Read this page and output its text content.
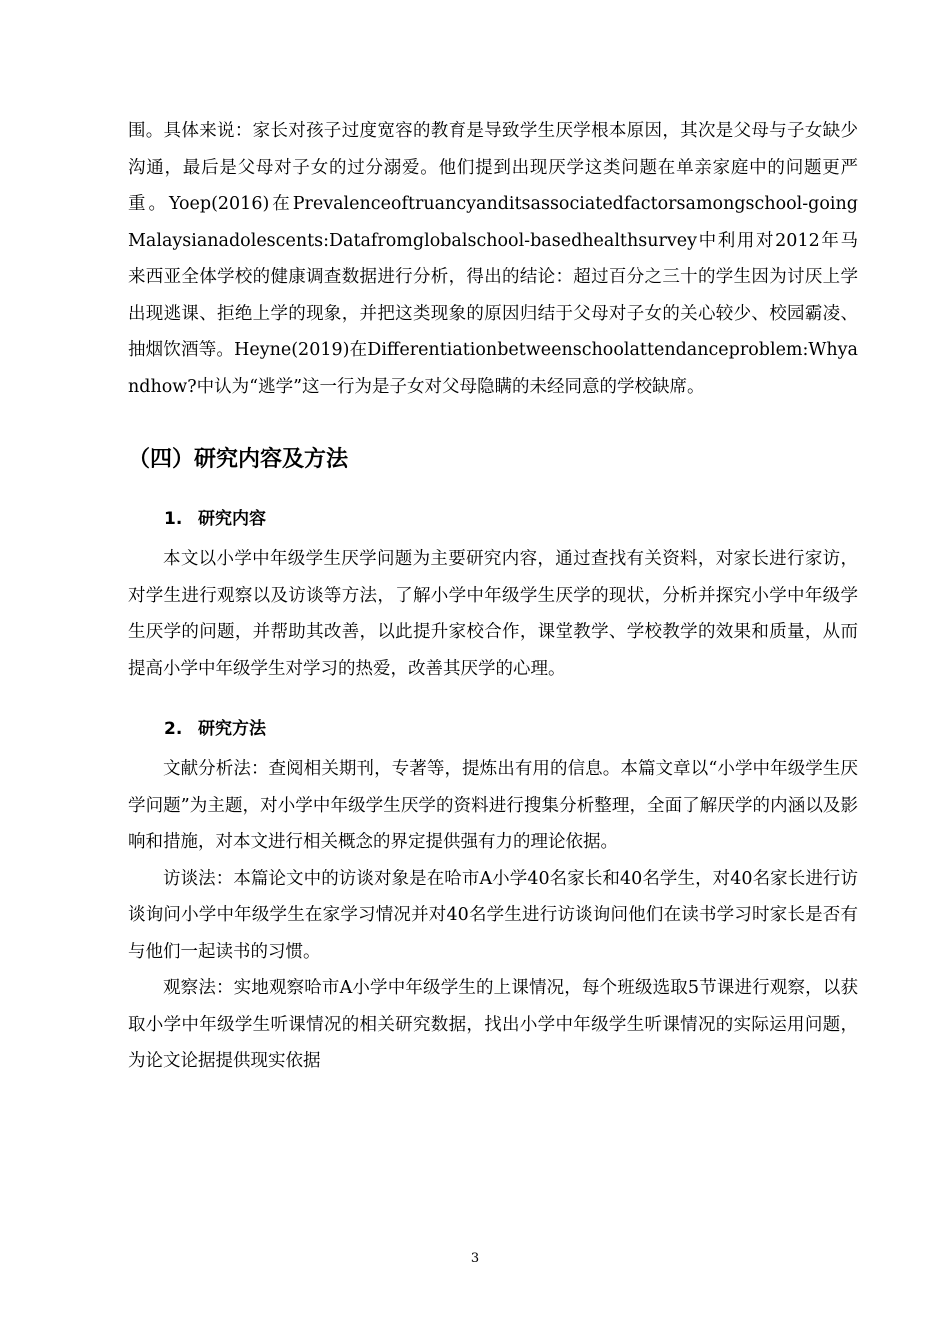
围。具体来说：家长对孩子过度宽容的教育是导致学生厌学根本原因，其次是父母与子女缺少沟通，最后是父母对子女的过分溺爱。他们提到出现厌学这类问题在单亲家庭中的问题更严重。Yoep(2016)在Prevalenceoftruancyanditsassociatedfactorsamongschool-goingMalaysianadolescents:Datafromglobalschool-basedhealthsurvey中利用对2012年马来西亚全体学校的健康调查数据进行分析，得出的结论：超过百分之三十的学生因为讨厌上学出现逃课、拒绝上学的现象，并把这类现象的原因归结于父母对子女的关心较少、校园霸凌、抽烟饮酒等。Heyne(2019)在Differentiationbetweenschoolattendanceproblem:Whyandhow?中认为“逃学”这一行为是子女对父母隐瞒的未经同意的学校缺席。

（四）研究内容及方法
1. 研究内容

本文以小学中年级学生厌学问题为主要研究内容，通过查找有关资料，对家长进行家访，对学生进行观察以及访谈等方法，了解小学中年级学生厌学的现状，分析并探究小学中年级学生厌学的问题，并帮助其改善，以此提升家校合作，课堂教学、学校教学的效果和质量，从而提高小学中年级学生对学习的热爱，改善其厌学的心理。

2. 研究方法

文献分析法：查阅相关期刊，专著等，提炼出有用的信息。本篇文章以“小学中年级学生厌学问题”为主题，对小学中年级学生厌学的资料进行搜集分析整理，全面了解厌学的内涵以及影响和措施，对本文进行相关概念的界定提供强有力的理论依据。

访谈法：本篇论文中的访谈对象是在哈市A小学40名家长和40名学生，对40名家长进行访谈询问小学中年级学生在家学习情况并对40名学生进行访谈询问他们在读书学习时家长是否有与他们一起读书的习惯。

观察法：实地观察哈市A小学中年级学生的上课情况，每个班级选取5节课进行观察，以获取小学中年级学生听课情况的相关研究数据，找出小学中年级学生听课情况的实际运用问题，为论文论据提供现实依据

3
